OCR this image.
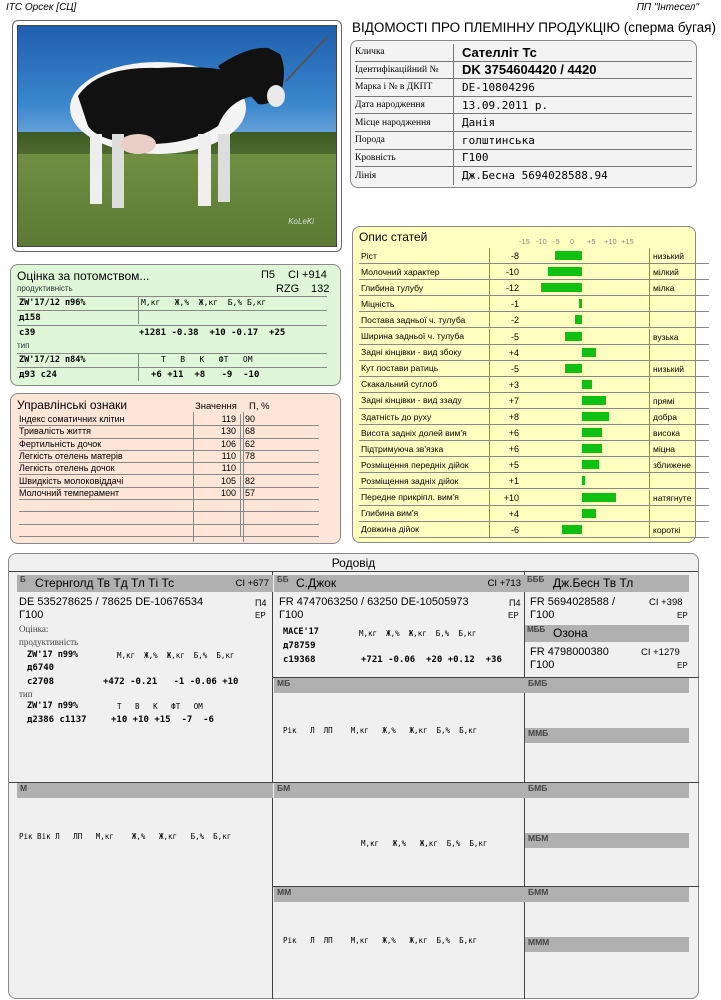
ITC Орсек [СЦ]	ПП "Інтесел"
KoLeKi
ВІДОМОСТІ ПРО ПЛЕМІННУ ПРОДУКЦІЮ (сперма бугая)
Кличка	Сателліт Тс
Ідентифікаційний №	DK 3754604420 / 4420
Марка і № в ДКПТ	DE-10804296
Дата народження	13.09.2011 р.
Місце народження	Данія
Порода	голштинська
Кровність	Г100
Лінія	Дж.Бесна 5694028588.94
Оцінка за потомством...	П5 CI +914
RZG 132
продуктивність
ZW'17/12 п96%	М,кг   Ж,%  Ж,кг  Б,% Б,кг
д158
c39	+1281 -0.38  +10 -0.17  +25
тип
ZW'17/12 п84%	Т   В   К   ФТ   ОМ
д93 с24	+6 +11  +8   -9  -10
Управлінські ознаки	Значення П, %
Індекс соматичних клітин	119	90
Тривалість життя	130	68
Фертильність дочок	106	62
Легкість отелень матерів	110	78
Легкість отелень дочок	110
Швидкість молоковіддачі	105	82
Молочний темперамент	100	57
Опис статей	-15 -10 -5 0 +5 +10 +15
Ріст	-8	низький
Молочний характер	-10	мілкий
Глибина тулубу	-12	мілка
Міцність	-1
Постава задньої ч. тулуба	-2
Ширина задньої ч. тулуба	-5	вузька
Задні кінцівки - вид збоку	+4
Кут постави ратиць	-5	низький
Скакальний суглоб	+3
Задні кінцівки - вид ззаду	+7	прямі
Здатність до руху	+8	добра
Висота задніх долей вим'я	+6	висока
Підтримуюча зв'язка	+6	міцна
Розміщення передніх дійок	+5	зближене
Розміщення задніх дійок	+1
Передне прикріпл. вим'я	+10	натягнуте
Глибина вим'я	+4
Довжина дійок	-6	короткі
Родовід
Б Стернголд Тв Тд Тл Ті Тс	CI +677
DE 535278625 / 78625 DE-10676534
Г100
П4
EP
Оцінка:
продуктивність
ZW'17 п99%	М,кг  Ж,%  Ж,кг  Б,%  Б,кг
д6740
с2708	+472 -0.21   -1 -0.06 +10
тип
ZW'17 п99%	Т   В   К   ФТ   ОМ
д2386 с1137	+10 +10 +15  -7  -6
ББ С.Джок	CI +713
FR 4747063250 / 63250 DE-10505973
Г100
П4
EP
MACE'17	М,кг  Ж,%  Ж,кг  Б,%  Б,кг
д78759
с19368	+721 -0.06  +20 +0.12  +36
БББ Дж.Бесн Тв Тл
FR 5694028588 /	CI +398
Г100	EP
МББ Озона
FR 4798000380	CI +1279
Г100	EP
МБ
Рік   Л  ЛП    М,кг   Ж,%   Ж,кг  Б,%  Б,кг
БМБ
ММБ
М
Рік Вік Л   ЛП   М,кг    Ж,%   Ж,кг   Б,%  Б,кг
БМ
М,кг   Ж,%   Ж,кг  Б,%  Б,кг
БМБ
МБМ
ММ
Рік   Л  ЛП    М,кг   Ж,%   Ж,кг  Б,%  Б,кг
БММ
МММ
